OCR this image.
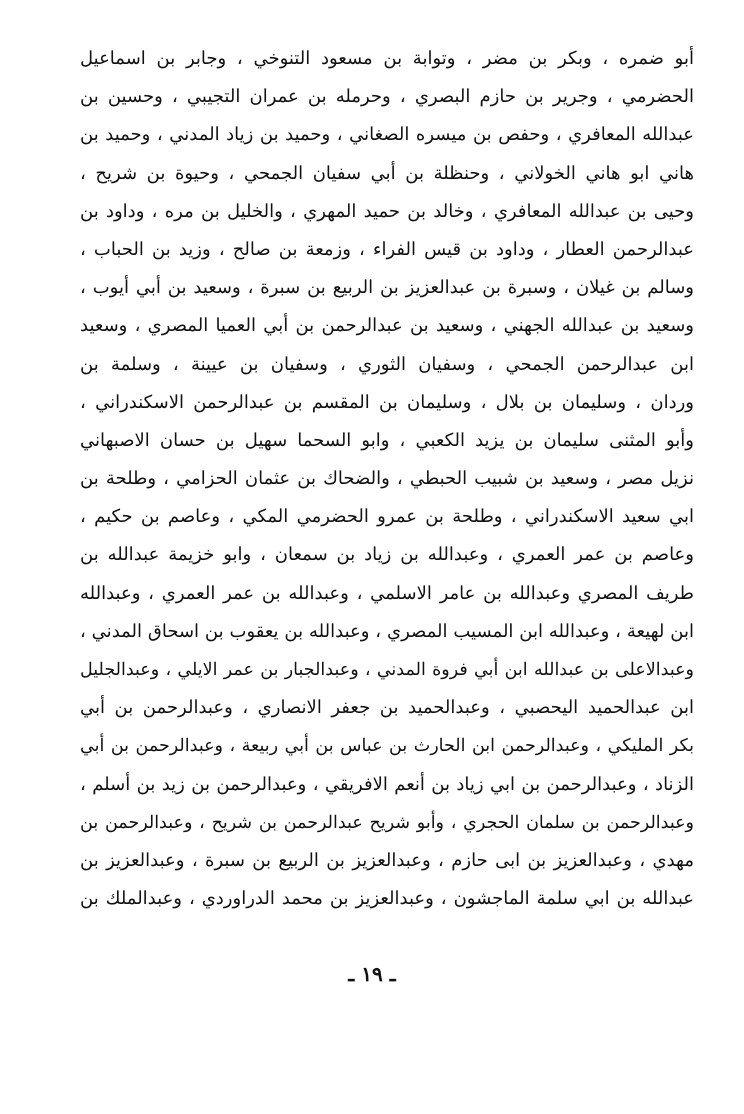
أبو ضمره ، وبكر بن مضر ، وتوابة بن مسعود التنوخي ، وجابر بن اسماعيل
الحضرمي ، وجرير بن حازم البصري ، وحرمله بن عمران التجيبي ، وحسين بن
عبدالله المعافري ، وحفص بن ميسره الصغاني ، وحميد بن زياد المدني ، وحميد بن
هاني ابو هاني الخولاني ، وحنظلة بن أبي سفيان الجمحي ، وحيوة بن شريح ،
وحيى بن عبدالله المعافري ، وخالد بن حميد المهري ، والخليل بن مره ، وداود بن
عبدالرحمن العطار ، وداود بن قيس الفراء ، وزمعة بن صالح ، وزيد بن الحباب ،
وسالم بن غيلان ، وسبرة بن عبدالعزيز بن الربيع بن سبرة ، وسعيد بن أبي أيوب ،
وسعيد بن عبدالله الجهني ، وسعيد بن عبدالرحمن بن أبي العميا المصري ، وسعيد
ابن عبدالرحمن الجمحي ، وسفيان الثوري ، وسفيان بن عيينة ، وسلمة بن
وردان ، وسليمان بن بلال ، وسليمان بن المقسم بن عبدالرحمن الاسكندراني ،
وأبو المثنى سليمان بن يزيد الكعبي ، وابو السحما سهيل بن حسان الاصبهاني
نزيل مصر ، وسعيد بن شبيب الحبطي ، والضحاك بن عثمان الحزامي ، وطلحة بن
ابي سعيد الاسكندراني ، وطلحة بن عمرو الحضرمي المكي ، وعاصم بن حكيم ،
وعاصم بن عمر العمري ، وعبدالله بن زياد بن سمعان ، وابو خزيمة عبدالله بن
طريف المصري وعبدالله بن عامر الاسلمي ، وعبدالله بن عمر العمري ، وعبدالله
ابن لهيعة ، وعبدالله ابن المسيب المصري ، وعبدالله بن يعقوب بن اسحاق المدني ،
وعبدالاعلى بن عبدالله ابن أبي فروة المدني ، وعبدالجبار بن عمر الايلي ، وعبدالجليل
ابن عبدالحميد اليحصبي ، وعبدالحميد بن جعفر الانصاري ، وعبدالرحمن بن أبي
بكر المليكي ، وعبدالرحمن ابن الحارث بن عباس بن أبي ربيعة ، وعبدالرحمن بن أبي
الزناد ، وعبدالرحمن بن ابي زياد بن أنعم الافريقي ، وعبدالرحمن بن زيد بن أسلم ،
وعبدالرحمن بن سلمان الحجري ، وأبو شريح عبدالرحمن بن شريح ، وعبدالرحمن بن
مهدي ، وعبدالعزيز بن ابى حازم ، وعبدالعزيز بن الربيع بن سبرة ، وعبدالعزيز بن
عبدالله بن ابي سلمة الماجشون ، وعبدالعزيز بن محمد الدراوردي ، وعبدالملك بن
ـ ١٩ ـ
